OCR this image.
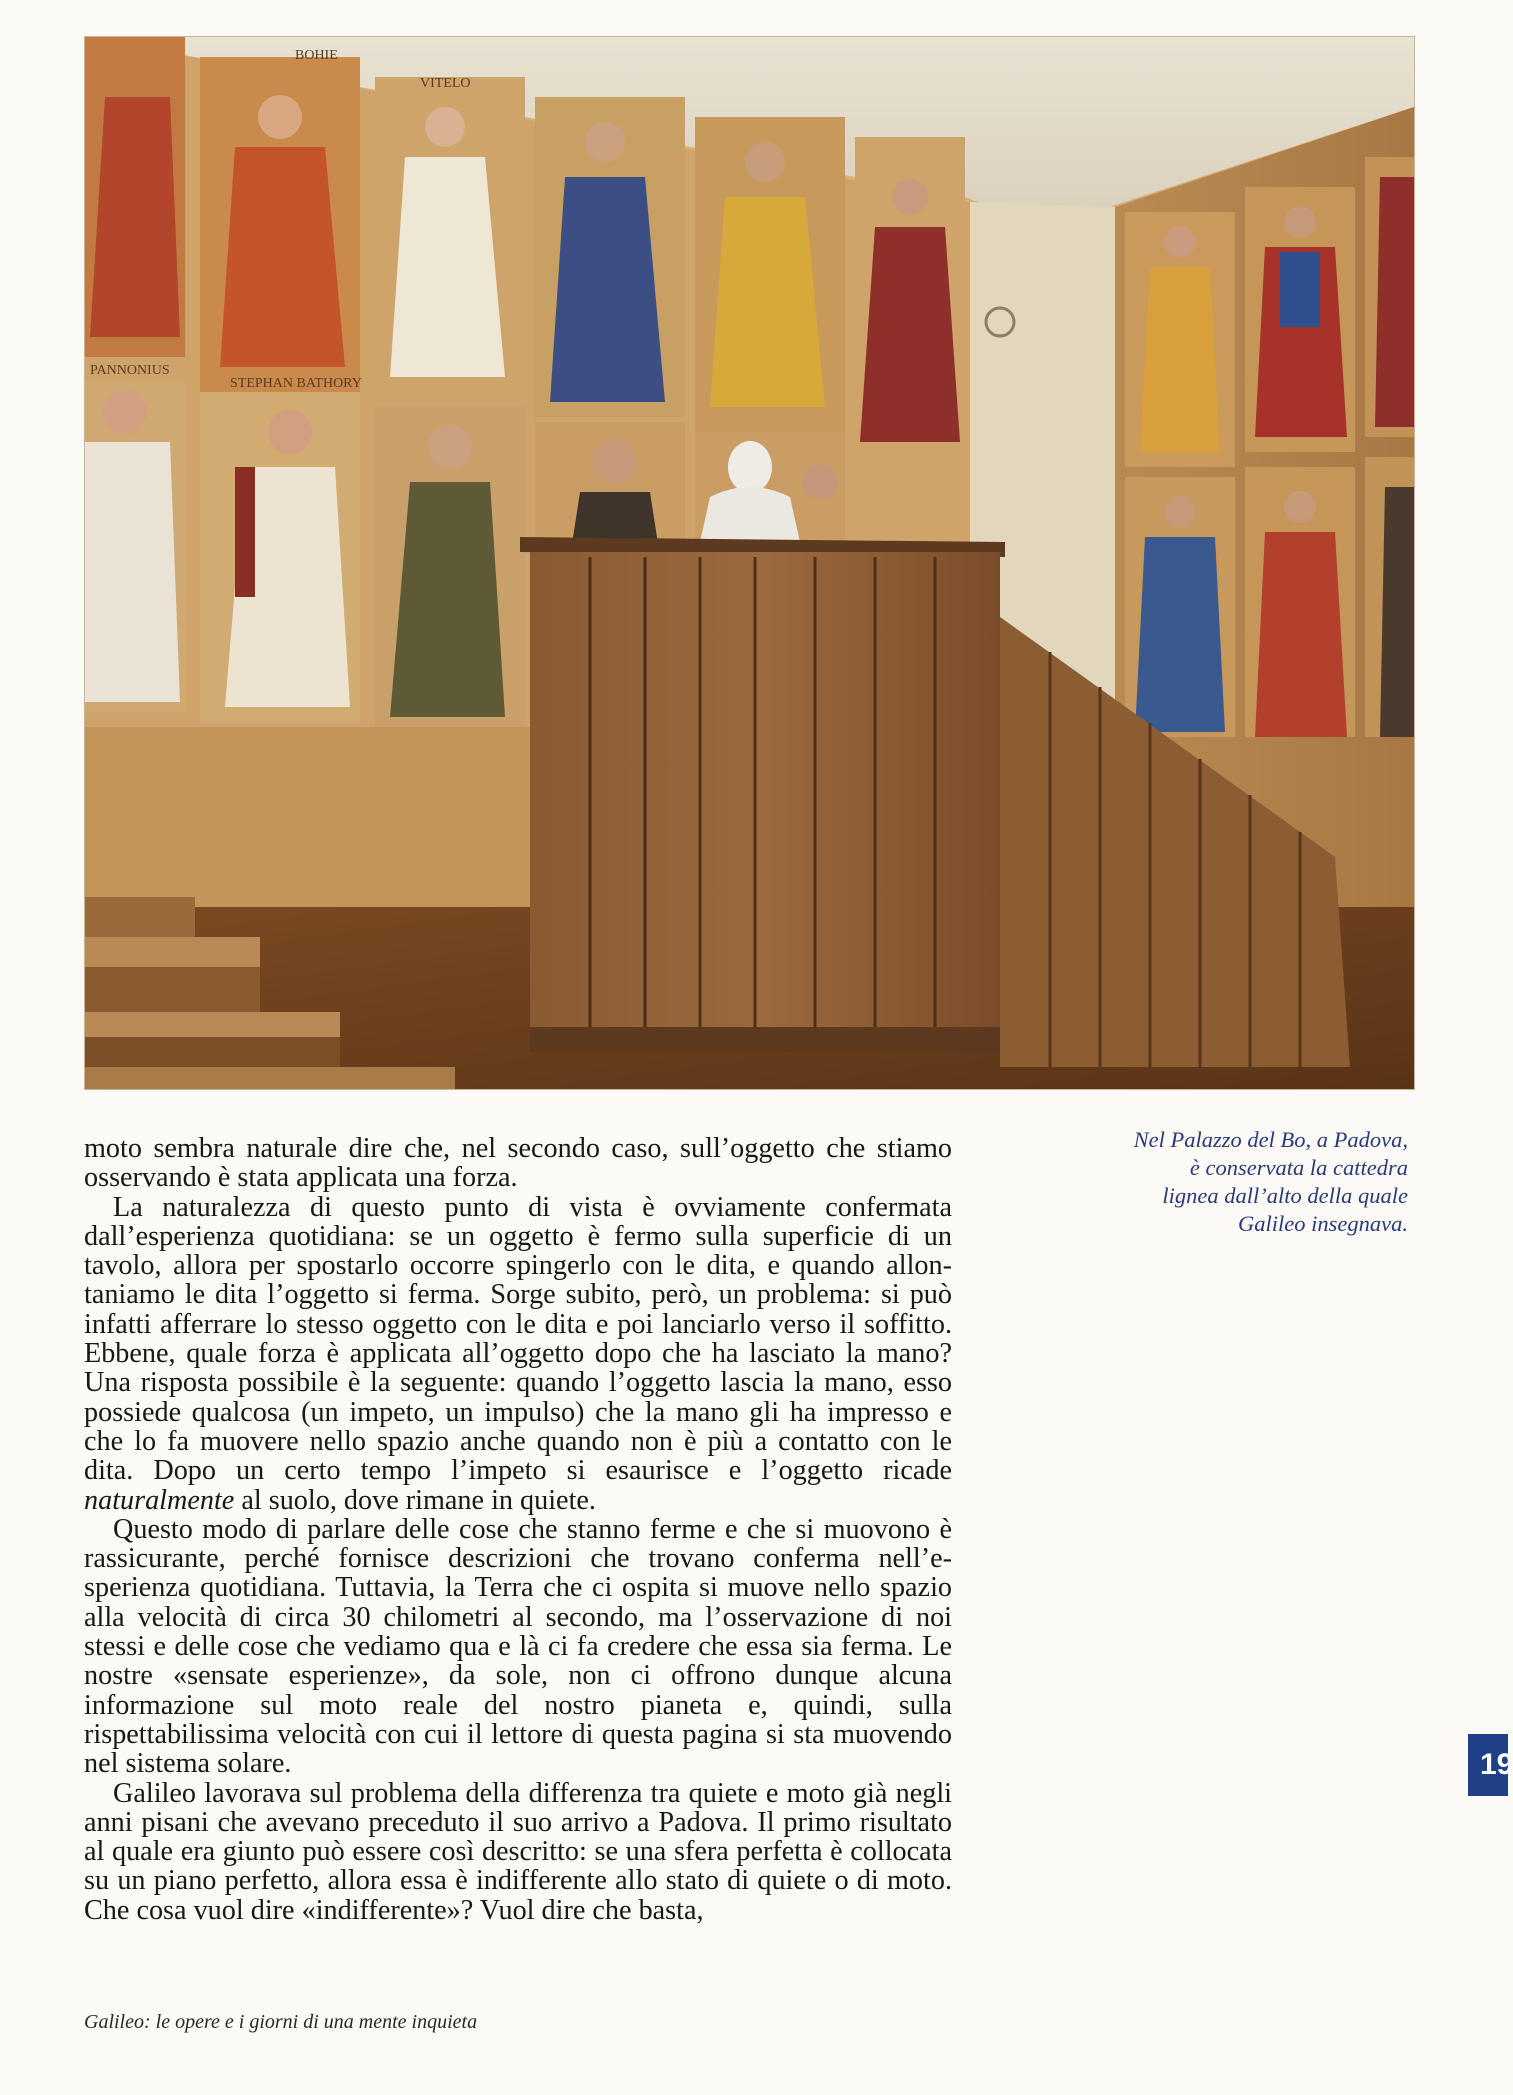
BOHIE
VITELO
PANNONIUS
STEPHAN BATHORY
Nel Palazzo del Bo, a Padova,
è conservata la cattedra
lignea dall’alto della quale
Galileo insegnava.

moto sembra naturale dire che, nel secondo caso, sull’oggetto che stiamo osservando è stata applicata una forza.

La naturalezza di questo punto di vista è ovviamente confermata dall’esperienza quotidiana: se un oggetto è fermo sulla superficie di un tavolo, allora per spostarlo occorre spingerlo con le dita, e quando allontaniamo le dita l’oggetto si ferma. Sorge subito, però, un problema: si può infatti afferrare lo stesso oggetto con le dita e poi lanciarlo verso il soffitto. Ebbene, quale forza è applicata all’oggetto dopo che ha lasciato la mano? Una risposta possibile è la seguente: quando l’oggetto lascia la mano, esso possiede qualcosa (un impeto, un impulso) che la mano gli ha impresso e che lo fa muovere nello spazio anche quando non è più a contatto con le dita. Dopo un certo tempo l’impeto si esaurisce e l’oggetto ricade naturalmente al suolo, dove rimane in quiete.

Questo modo di parlare delle cose che stanno ferme e che si muovono è rassicurante, perché fornisce descrizioni che trovano conferma nell’esperienza quotidiana. Tuttavia, la Terra che ci ospita si muove nello spazio alla velocità di circa 30 chilometri al secondo, ma l’osservazione di noi stessi e delle cose che vediamo qua e là ci fa credere che essa sia ferma. Le nostre «sensate esperienze», da sole, non ci offrono dunque alcuna informazione sul moto reale del nostro pianeta e, quindi, sulla rispettabilissima velocità con cui il lettore di questa pagina si sta muovendo nel sistema solare.

Galileo lavorava sul problema della differenza tra quiete e moto già negli anni pisani che avevano preceduto il suo arrivo a Padova. Il primo risultato al quale era giunto può essere così descritto: se una sfera perfetta è collocata su un piano perfetto, allora essa è indifferente allo stato di quiete o di moto. Che cosa vuol dire «indifferente»? Vuol dire che basta,

Galileo: le opere e i giorni di una mente inquieta
19
